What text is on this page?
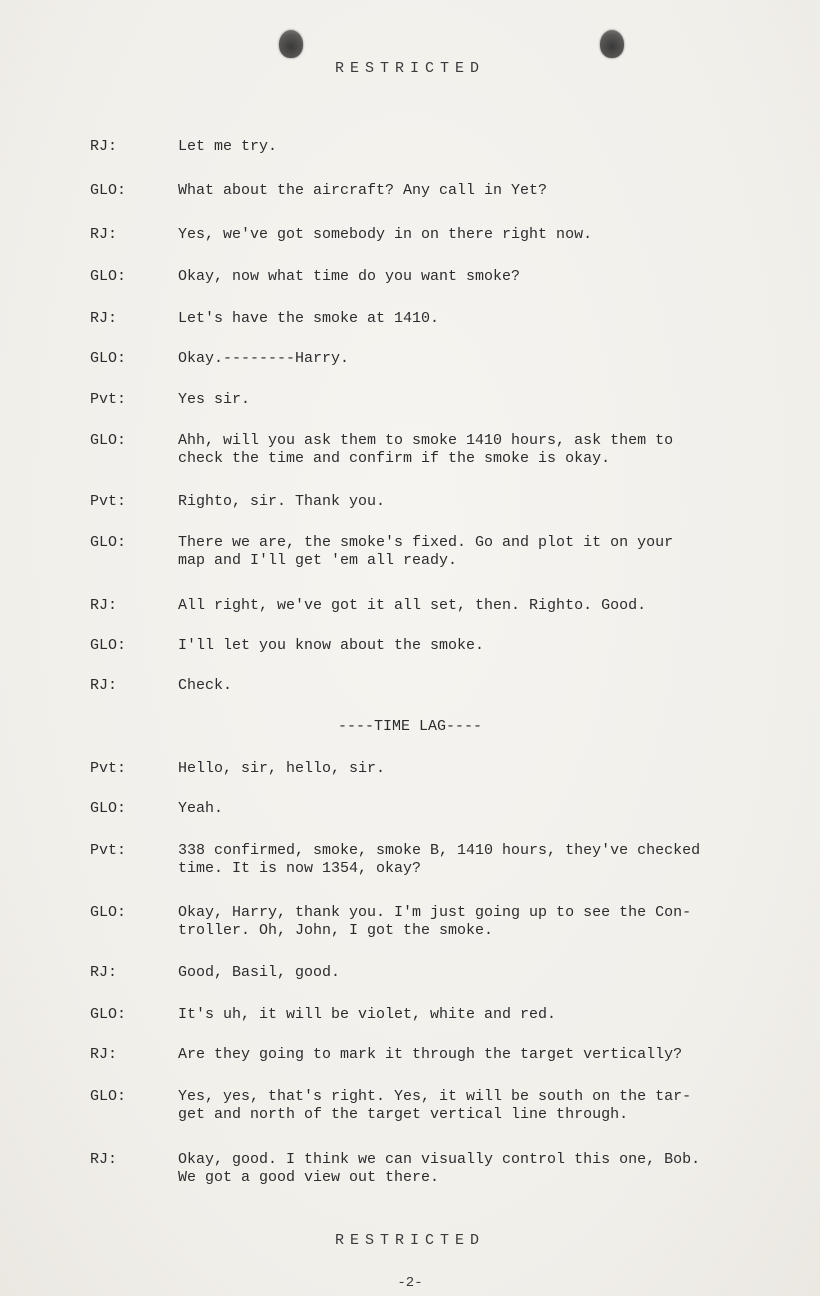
RESTRICTED
RJ:	Let me try.
GLO:	What about the aircraft? Any call in Yet?
RJ:	Yes, we've got somebody in on there right now.
GLO:	Okay, now what time do you want smoke?
RJ:	Let's have the smoke at 1410.
GLO:	Okay.--------Harry.
Pvt:	Yes sir.
GLO:	Ahh, will you ask them to smoke 1410 hours, ask them to
check the time and confirm if the smoke is okay.
Pvt:	Righto, sir. Thank you.
GLO:	There we are, the smoke's fixed. Go and plot it on your
map and I'll get 'em all ready.
RJ:	All right, we've got it all set, then. Righto. Good.
GLO:	I'll let you know about the smoke.
RJ:	Check.
----TIME LAG----
Pvt:	Hello, sir, hello, sir.
GLO:	Yeah.
Pvt:	338 confirmed, smoke, smoke B, 1410 hours, they've checked
time. It is now 1354, okay?
GLO:	Okay, Harry, thank you. I'm just going up to see the Con-
troller. Oh, John, I got the smoke.
RJ:	Good, Basil, good.
GLO:	It's uh, it will be violet, white and red.
RJ:	Are they going to mark it through the target vertically?
GLO:	Yes, yes, that's right. Yes, it will be south on the tar-
get and north of the target vertical line through.
RJ:	Okay, good. I think we can visually control this one, Bob.
We got a good view out there.
RESTRICTED
-2-
